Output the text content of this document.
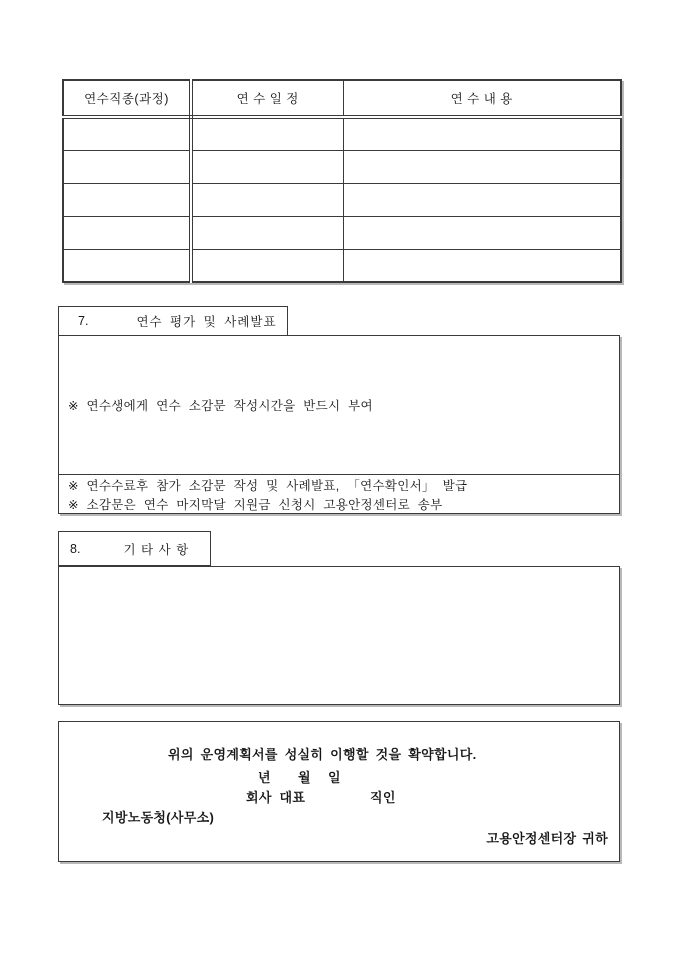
연수직종(과정)	연 수 일 정	연 수 내 용

7.	연수 평가 및 사례발표
※ 연수생에게 연수 소감문 작성시간을 반드시 부여
※ 연수수료후 참가 소감문 작성 및 사례발표, 「연수확인서」 발급
※ 소감문은 연수 마지막달 지원금 신청시 고용안정센터로 송부
8.	기 타 사 항
위의 운영계획서를 성실히 이행할 것을 확약합니다.
년 월 일
회사  대표	직인
지방노동청(사무소)
고용안정센터장 귀하
